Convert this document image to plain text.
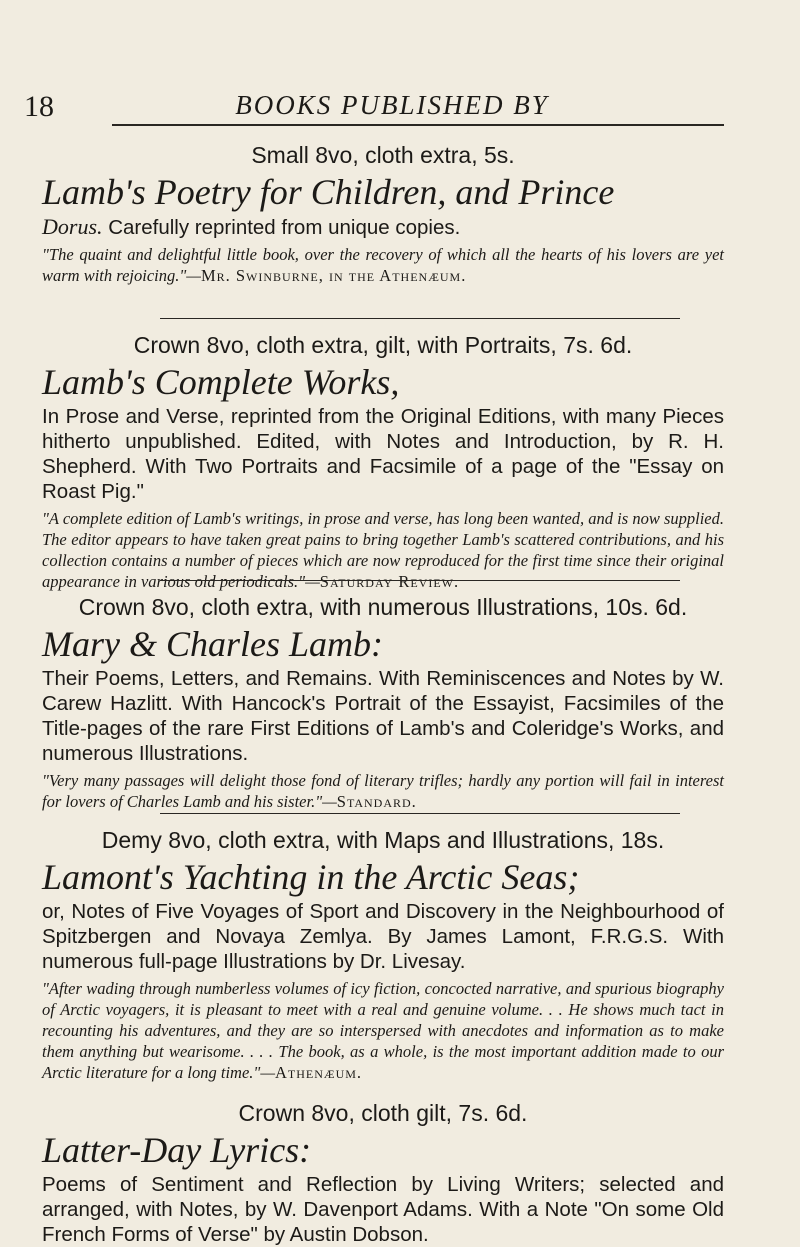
18	BOOKS PUBLISHED BY
Small 8vo, cloth extra, 5s.
Lamb's Poetry for Children, and Prince
Dorus. Carefully reprinted from unique copies.
"The quaint and delightful little book, over the recovery of which all the hearts of his lovers are yet warm with rejoicing."—Mr. Swinburne, in the Athenæum.
Crown 8vo, cloth extra, gilt, with Portraits, 7s. 6d.
Lamb's Complete Works,
In Prose and Verse, reprinted from the Original Editions, with many Pieces hitherto unpublished. Edited, with Notes and Introduction, by R. H. Shepherd. With Two Portraits and Facsimile of a page of the "Essay on Roast Pig."
"A complete edition of Lamb's writings, in prose and verse, has long been wanted, and is now supplied. The editor appears to have taken great pains to bring together Lamb's scattered contributions, and his collection contains a number of pieces which are now reproduced for the first time since their original appearance in various old periodicals."—Saturday Review.
Crown 8vo, cloth extra, with numerous Illustrations, 10s. 6d.
Mary & Charles Lamb:
Their Poems, Letters, and Remains. With Reminiscences and Notes by W. Carew Hazlitt. With Hancock's Portrait of the Essayist, Facsimiles of the Title-pages of the rare First Editions of Lamb's and Coleridge's Works, and numerous Illustrations.
"Very many passages will delight those fond of literary trifles; hardly any portion will fail in interest for lovers of Charles Lamb and his sister."—Standard.
Demy 8vo, cloth extra, with Maps and Illustrations, 18s.
Lamont's Yachting in the Arctic Seas;
or, Notes of Five Voyages of Sport and Discovery in the Neighbourhood of Spitzbergen and Novaya Zemlya. By James Lamont, F.R.G.S. With numerous full-page Illustrations by Dr. Livesay.
"After wading through numberless volumes of icy fiction, concocted narrative, and spurious biography of Arctic voyagers, it is pleasant to meet with a real and genuine volume. . . He shows much tact in recounting his adventures, and they are so interspersed with anecdotes and information as to make them anything but wearisome. . . . The book, as a whole, is the most important addition made to our Arctic literature for a long time."—Athenæum.
Crown 8vo, cloth gilt, 7s. 6d.
Latter-Day Lyrics:
Poems of Sentiment and Reflection by Living Writers; selected and arranged, with Notes, by W. Davenport Adams. With a Note "On some Old French Forms of Verse" by Austin Dobson.
